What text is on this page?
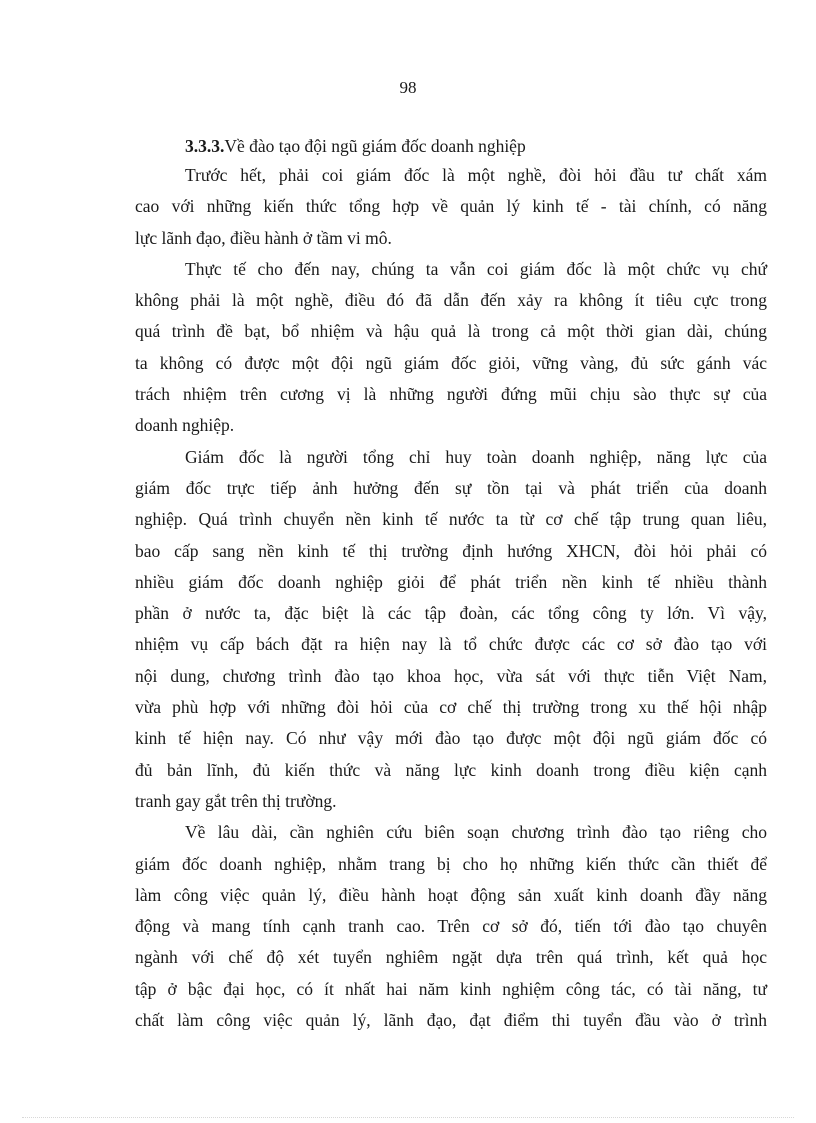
98
3.3.3.Về đào tạo đội ngũ giám đốc doanh nghiệp
Trước hết, phải coi giám đốc là một nghề, đòi hỏi đầu tư chất xám
cao với những kiến thức tổng hợp về quản lý kinh tế - tài chính, có năng
lực lãnh đạo, điều hành ở tầm vi mô.
Thực tế cho đến nay, chúng ta vẫn coi giám đốc là một chức vụ chứ
không phải là một nghề, điều đó đã dẫn đến xảy ra không ít tiêu cực trong
quá trình đề bạt, bổ nhiệm và hậu quả là trong cả một thời gian dài, chúng
ta không có được một đội ngũ giám đốc giỏi, vững vàng, đủ sức gánh vác
trách nhiệm trên cương vị là những người đứng mũi chịu sào thực sự của
doanh nghiệp.
Giám đốc là người tổng chỉ huy toàn doanh nghiệp, năng lực của
giám đốc trực tiếp ảnh hưởng đến sự tồn tại và phát triển của doanh
nghiệp. Quá trình chuyển nền kinh tế nước ta từ cơ chế tập trung quan liêu,
bao cấp sang nền kinh tế thị trường định hướng XHCN, đòi hỏi phải có
nhiều giám đốc doanh nghiệp giỏi để phát triển nền kinh tế nhiều thành
phần ở nước ta, đặc biệt là các tập đoàn, các tổng công ty lớn. Vì vậy,
nhiệm vụ cấp bách đặt ra hiện nay là tổ chức được các cơ sở đào tạo với
nội dung, chương trình đào tạo khoa học, vừa sát với thực tiễn Việt Nam,
vừa phù hợp với những đòi hỏi của cơ chế thị trường trong xu thế hội nhập
kinh tế hiện nay. Có như vậy mới đào tạo được một đội ngũ giám đốc có
đủ bản lĩnh, đủ kiến thức và năng lực kinh doanh trong điều kiện cạnh
tranh gay gắt trên thị trường.
Về lâu dài, cần nghiên cứu biên soạn chương trình đào tạo riêng cho
giám đốc doanh nghiệp, nhằm trang bị cho họ những kiến thức cần thiết để
làm công việc quản lý, điều hành hoạt động sản xuất kinh doanh đầy năng
động và mang tính cạnh tranh cao. Trên cơ sở đó, tiến tới đào tạo chuyên
ngành với chế độ xét tuyển nghiêm ngặt dựa trên quá trình, kết quả học
tập ở bậc đại học, có ít nhất hai năm kinh nghiệm công tác, có tài năng, tư
chất làm công việc quản lý, lãnh đạo, đạt điểm thi tuyển đầu vào ở trình
